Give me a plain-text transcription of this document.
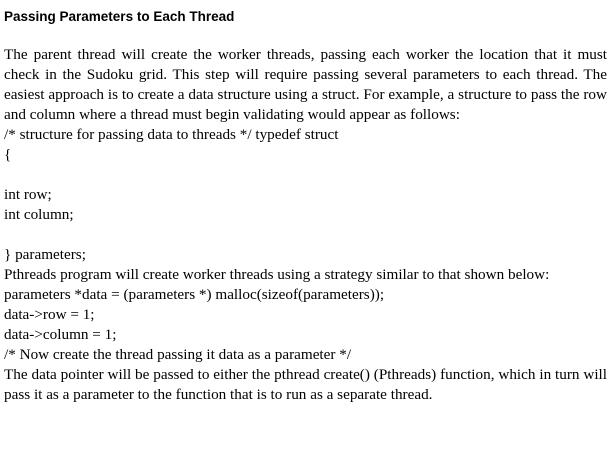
Passing Parameters to Each Thread

The parent thread will create the worker threads, passing each worker the location that it must check in the Sudoku grid. This step will require passing several parameters to each thread. The easiest approach is to create a data structure using a struct. For example, a structure to pass the row and column where a thread must begin validating would appear as follows:

/* structure for passing data to threads */ typedef struct
{
int row;
int column;
} parameters;

Pthreads program will create worker threads using a strategy similar to that shown below:

parameters *data = (parameters *) malloc(sizeof(parameters));
data->row = 1;
data->column = 1;
/* Now create the thread passing it data as a parameter */

The data pointer will be passed to either the pthread create() (Pthreads) function, which in turn will pass it as a parameter to the function that is to run as a separate thread.
